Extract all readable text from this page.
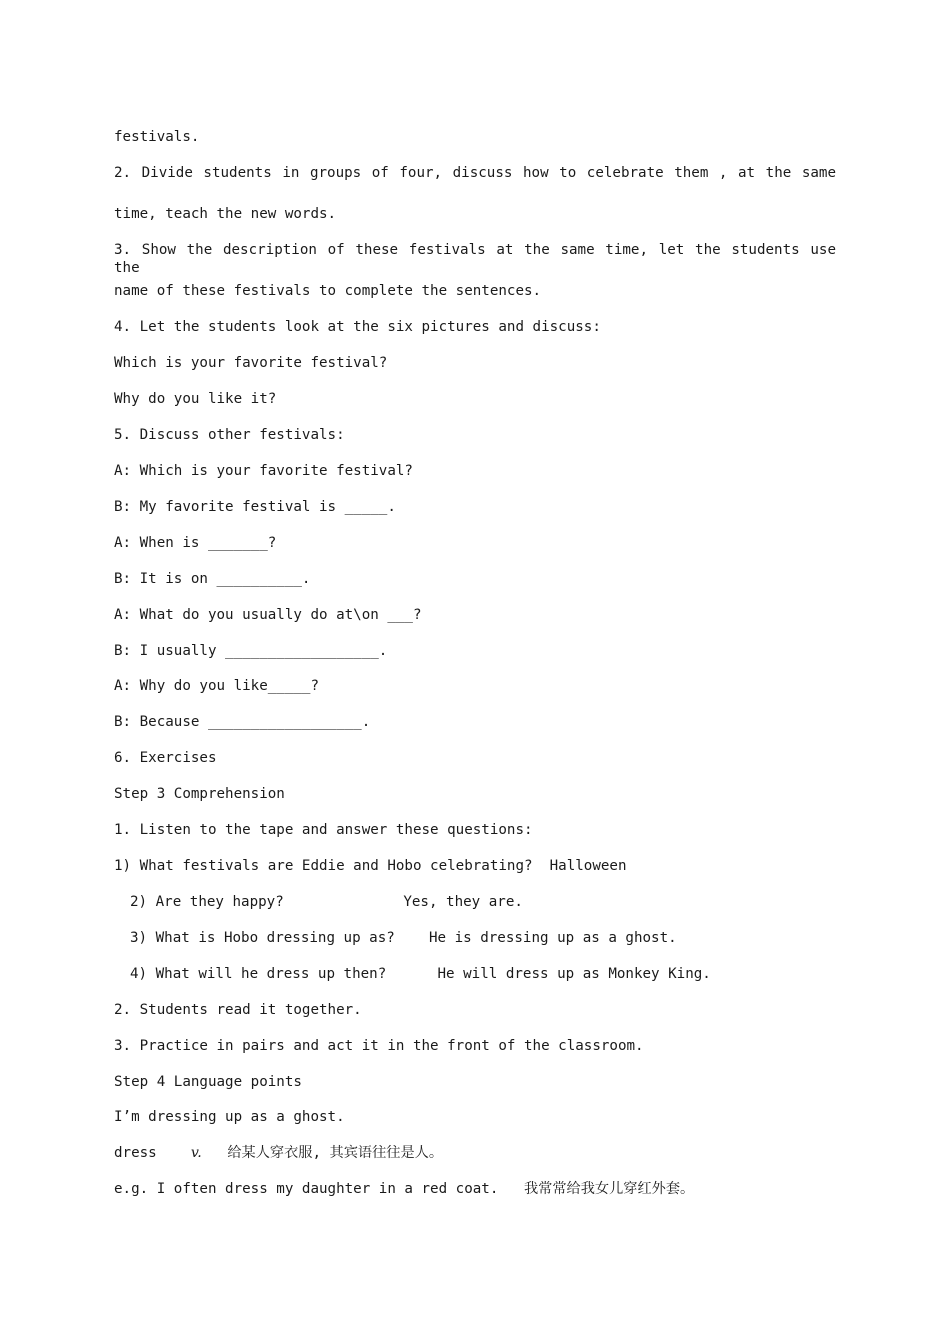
festivals.
2. Divide students in groups of four, discuss how to celebrate them , at the same
time, teach the new words.
3. Show the description of these festivals at the same time, let the students use the
name of these festivals to complete the sentences.
4. Let the students look at the six pictures and discuss:
Which is your favorite festival?
Why do you like it?
5. Discuss other festivals:
A: Which is your favorite festival?
B: My favorite festival is _____.
A: When is _______?
B: It is on __________.
A: What do you usually do at\on ___?
B: I usually __________________.
A: Why do you like_____?
B: Because __________________.
6. Exercises
Step 3 Comprehension
1. Listen to the tape and answer these questions:
1) What festivals are Eddie and Hobo celebrating?  Halloween
2) Are they happy?              Yes, they are.
3) What is Hobo dressing up as?    He is dressing up as a ghost.
4) What will he dress up then?      He will dress up as Monkey King.
2. Students read it together.
3. Practice in pairs and act it in the front of the classroom.
Step 4 Language points
I’m dressing up as a ghost.
dress    v.   给某人穿衣服, 其宾语往往是人。
e.g. I often dress my daughter in a red coat.   我常常给我女儿穿红外套。
